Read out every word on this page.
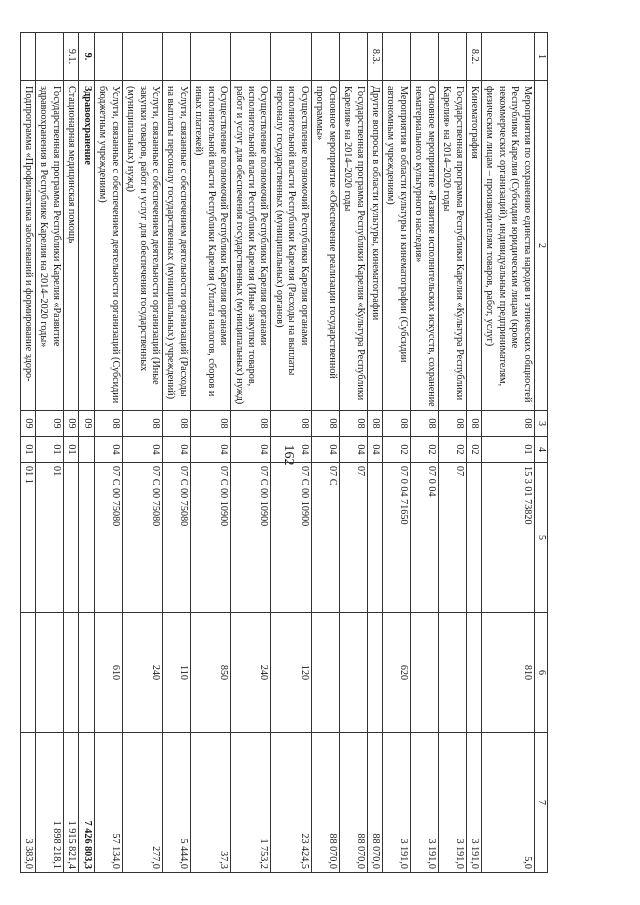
162
1	2	3	4	5	6	7
	Мероприятия по сохранению единства народов и этнических общностей Республики Карелия (Субсидии юридическим лицам (кроме некоммерческих организаций), индивидуальным предпринимателям, физическим лицам – производителям товаров, работ, услуг)	08	01	15 3 01 73820	810	5,0
8.2.	Кинематография	08	02			3 191,0
	Государственная программа Республики Карелия «Культура Республики Карелия» на 2014–2020 годы	08	02	07		3 191,0
	Основное мероприятие «Развитие исполнительских искусств, сохранение нематериального культурного наследия»	08	02	07 0 04		3 191,0
	Мероприятия в области культуры и кинематографии (Субсидии автономным учреждениям)	08	02	07 0 04 71650	620	3 191,0
8.3.	Другие вопросы в области культуры, кинематографии	08	04			88 070,0
	Государственная программа Республики Карелия «Культура Республики Карелия» на 2014–2020 годы	08	04	07		88 070,0
	Основное мероприятие «Обеспечение реализации государственной программы»	08	04	07 С		88 070,0
	Осуществление полномочий Республики Карелия органами исполнительной власти Республики Карелия (Расходы на выплаты персоналу государственных (муниципальных) органов)	08	04	07 С 00 10900	120	23 424,5
	Осуществление полномочий Республики Карелия органами исполнительной власти Республики Карелия (Иные закупки товаров, работ и услуг для обеспечения государственных (муниципальных) нужд)	08	04	07 С 00 10900	240	1 753,2
	Осуществление полномочий Республики Карелия органами исполнительной власти Республики Карелия (Уплата налогов, сборов и иных платежей)	08	04	07 С 00 10900	850	37,3
	Услуги, связанные с обеспечением деятельности организаций (Расходы на выплаты персоналу государственных (муниципальных) учреждений)	08	04	07 С 00 75080	110	5 444,0
	Услуги, связанные с обеспечением деятельности организаций (Иные закупки товаров, работ и услуг для обеспечения государственных (муниципальных) нужд)	08	04	07 С 00 75080	240	277,0
	Услуги, связанные с обеспечением деятельности организаций (Субсидии бюджетным учреждениям)	08	04	07 С 00 75080	610	57 134,0
9.	Здравоохранение	09				7 426 803,3
9.1.	Стационарная медицинская помощь	09	01			1 915 821,4
	Государственная программа Республики Карелия «Развитие здравоохранения в Республике Карелия на 2014–2020 годы»	09	01	01		1 898 218,1
	Подпрограмма «Профилактика заболеваний и формирование здоро-	09	01	01 1		3 383,0
